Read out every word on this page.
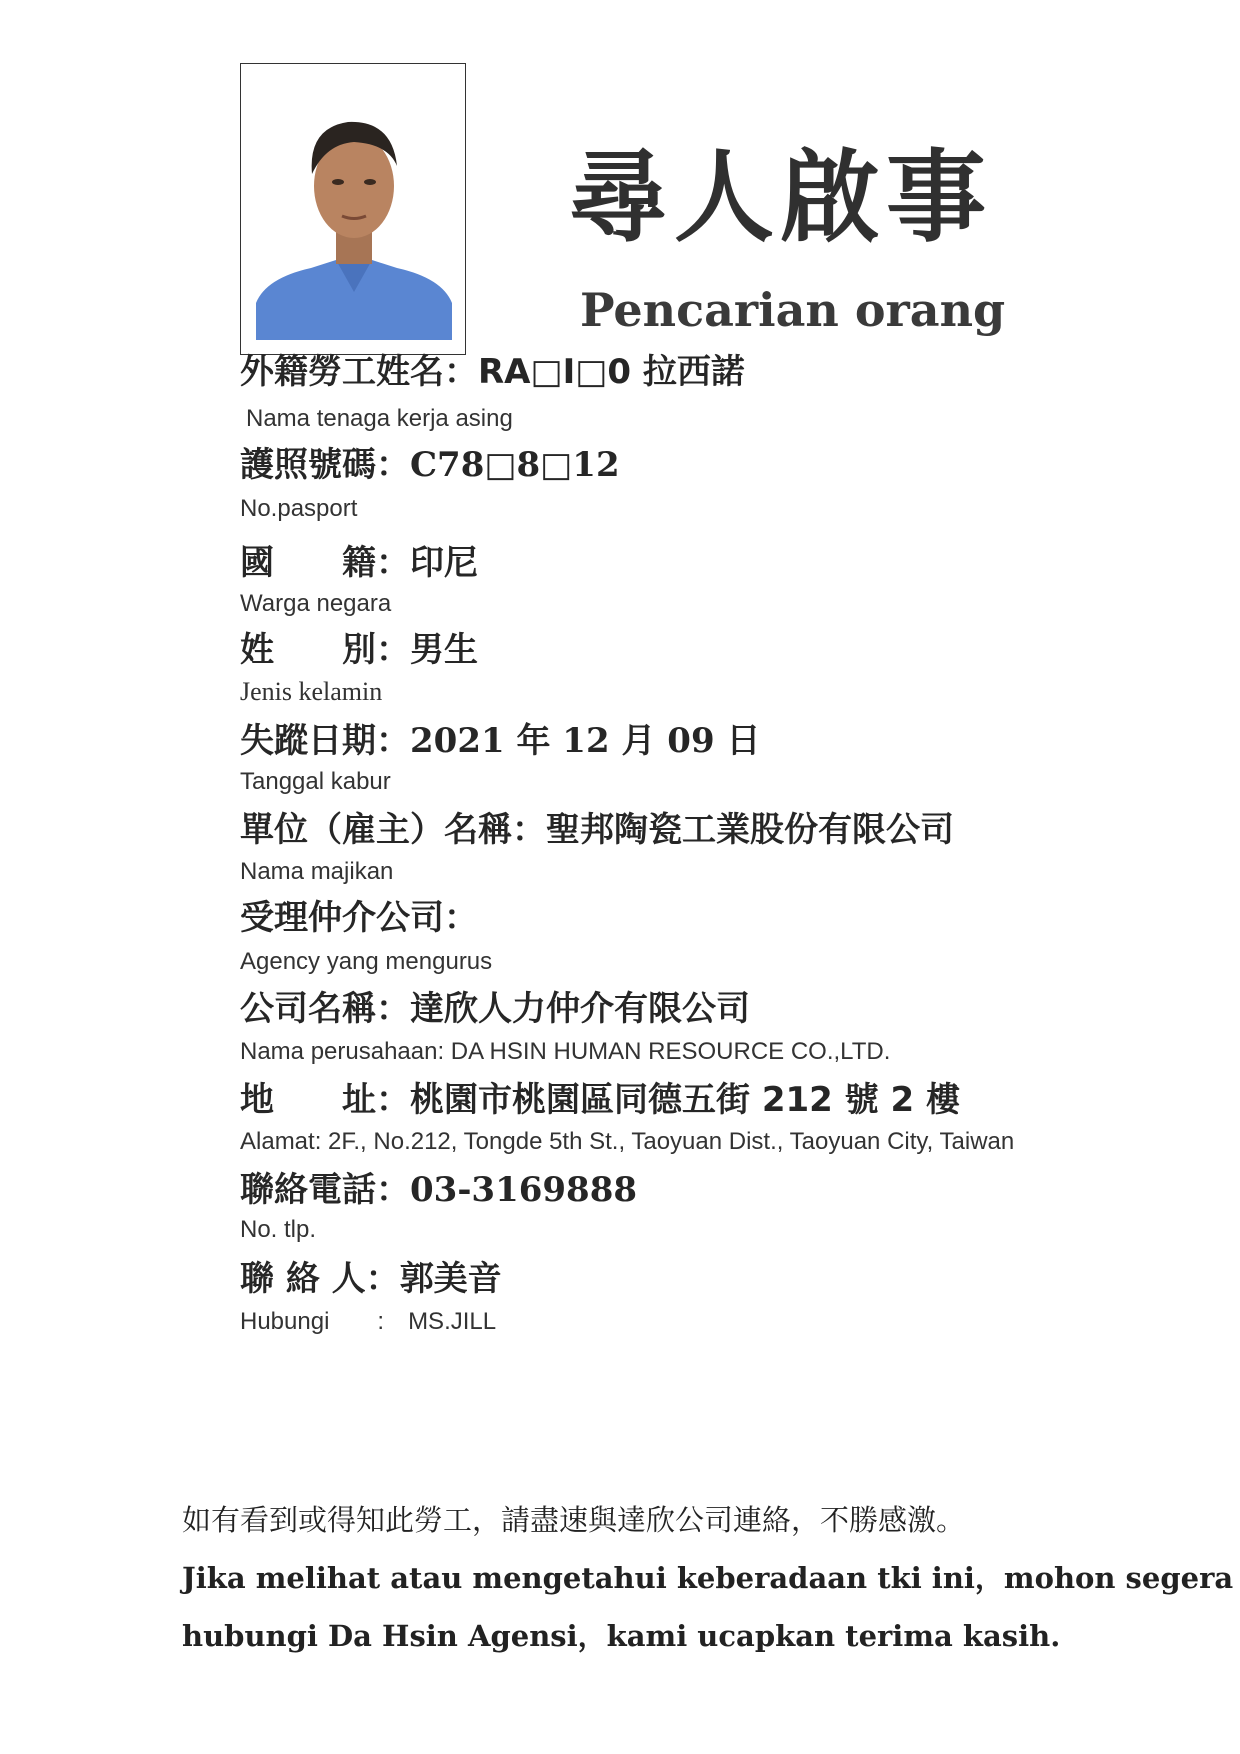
尋人啟事
Pencarian orang

外籍勞工姓名：RA□I□0 拉西諾

Nama tenaga kerja asing

護照號碼：C78□8□12

No.pasport

國　　籍：印尼

Warga negara

姓　　別：男生

Jenis kelamin

失蹤日期：2021 年 12 月 09 日

Tanggal kabur

單位（雇主）名稱：聖邦陶瓷工業股份有限公司

Nama majikan

受理仲介公司：

Agency yang mengurus

公司名稱：達欣人力仲介有限公司

Nama perusahaan: DA HSIN HUMAN RESOURCE CO.,LTD.

地　　址：桃園市桃園區同德五街 212 號 2 樓

Alamat: 2F., No.212, Tongde 5th St., Taoyuan Dist., Taoyuan City, Taiwan

聯絡電話：03-3169888

No. tlp.

聯 絡 人：郭美音

Hubungi　　:　MS.JILL

如有看到或得知此勞工，請盡速與達欣公司連絡，不勝感激。

Jika melihat atau mengetahui keberadaan tki ini，mohon segera

hubungi Da Hsin Agensi，kami ucapkan terima kasih.
